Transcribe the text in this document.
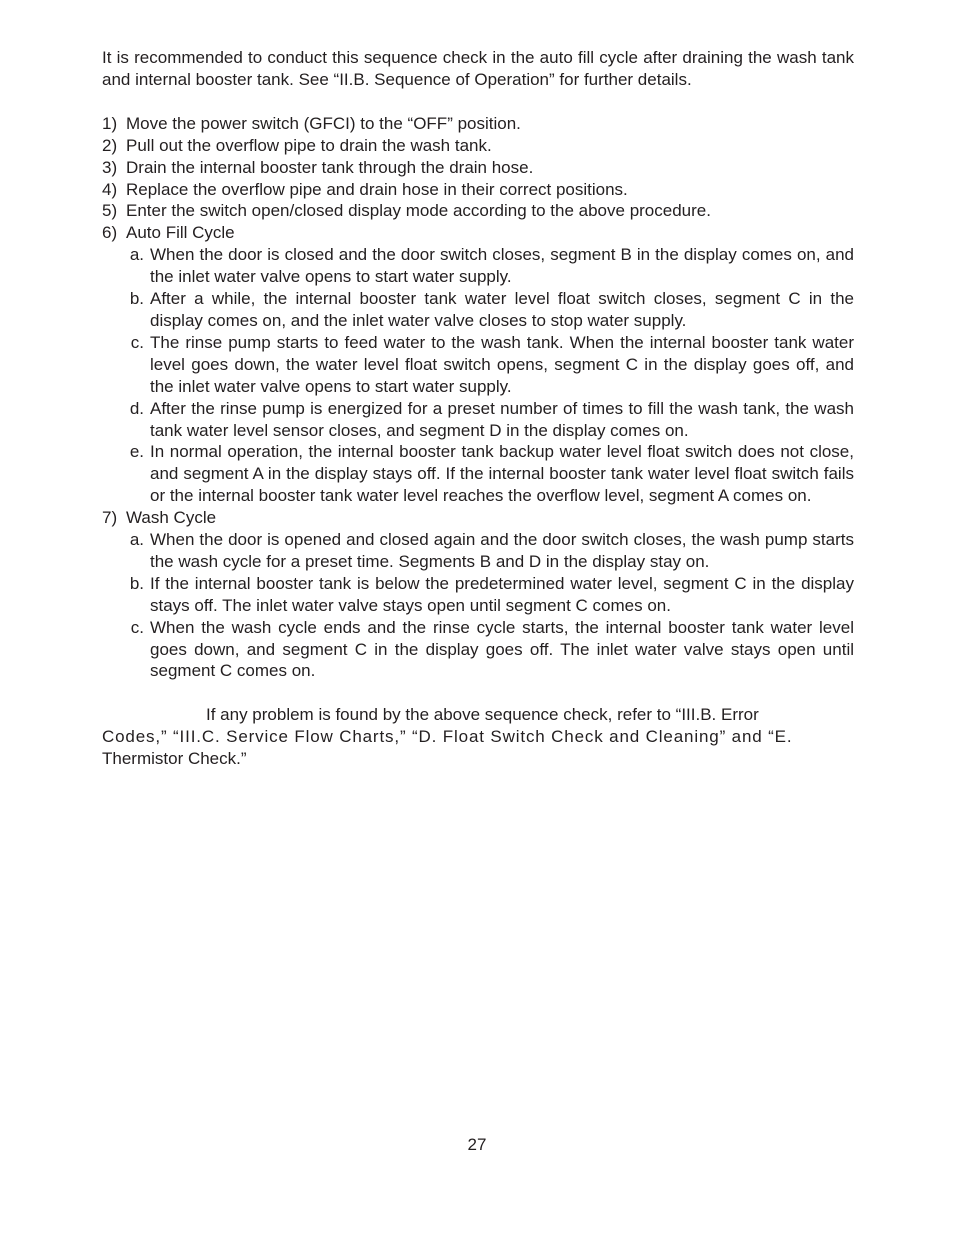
It is recommended to conduct this sequence check in the auto fill cycle after draining the wash tank and internal booster tank. See “II.B. Sequence of Operation” for further details.

1) Move the power switch (GFCI) to the “OFF” position.
2) Pull out the overflow pipe to drain the wash tank.
3) Drain the internal booster tank through the drain hose.
4) Replace the overflow pipe and drain hose in their correct positions.
5) Enter the switch open/closed display mode according to the above procedure.
6) Auto Fill Cycle
a. When the door is closed and the door switch closes, segment B in the display comes on, and the inlet water valve opens to start water supply.
b. After a while, the internal booster tank water level float switch closes, segment C in the display comes on, and the inlet water valve closes to stop water supply.
c. The rinse pump starts to feed water to the wash tank. When the internal booster tank water level goes down, the water level float switch opens, segment C in the display goes off, and the inlet water valve opens to start water supply.
d. After the rinse pump is energized for a preset number of times to fill the wash tank, the wash tank water level sensor closes, and segment D in the display comes on.
e. In normal operation, the internal booster tank backup water level float switch does not close, and segment A in the display stays off. If the internal booster tank water level float switch fails or the internal booster tank water level reaches the overflow level, segment A comes on.
7) Wash Cycle
a. When the door is opened and closed again and the door switch closes, the wash pump starts the wash cycle for a preset time. Segments B and D in the display stay on.
b. If the internal booster tank is below the predetermined water level, segment C in the display stays off. The inlet water valve stays open until segment C comes on.
c. When the wash cycle ends and the rinse cycle starts, the internal booster tank water level goes down, and segment C in the display goes off. The inlet water valve stays open until segment C comes on.

If any problem is found by the above sequence check, refer to “III.B. Error
Codes,” “III.C. Service Flow Charts,” “D. Float Switch Check and Cleaning” and “E.
Thermistor Check.”

27
